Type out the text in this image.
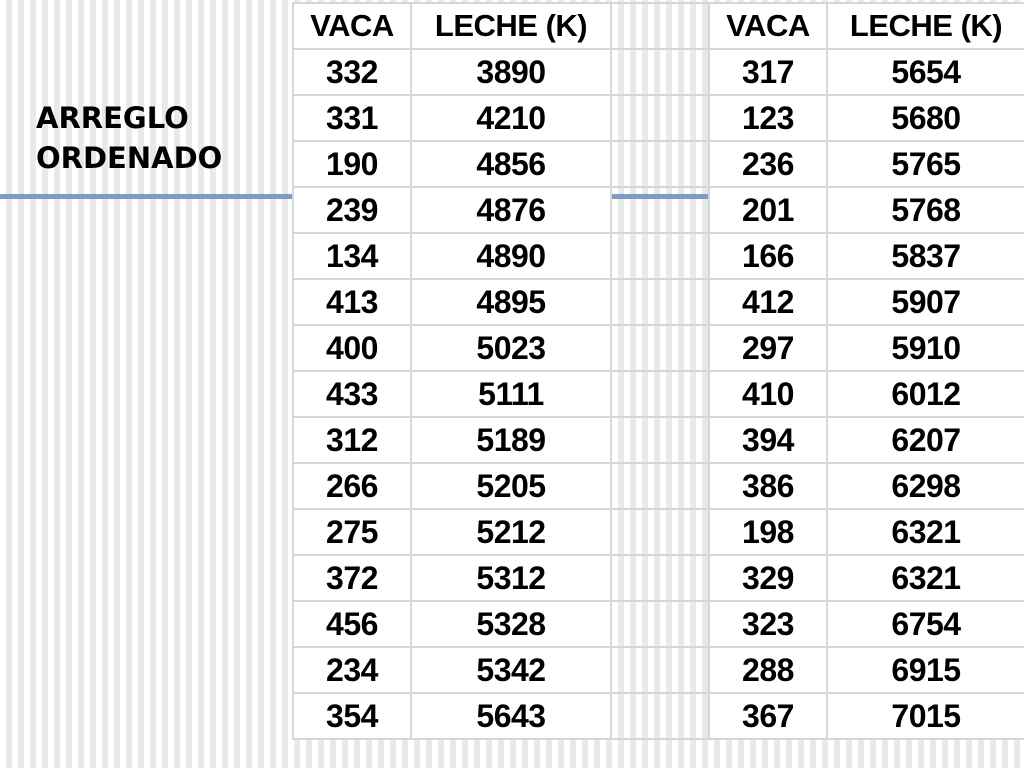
ARREGLO
ORDENADO
VACA	LECHE (K)		VACA	LECHE (K)
332	3890		317	5654
331	4210		123	5680
190	4856		236	5765
239	4876		201	5768
134	4890		166	5837
413	4895		412	5907
400	5023		297	5910
433	5111		410	6012
312	5189		394	6207
266	5205		386	6298
275	5212		198	6321
372	5312		329	6321
456	5328		323	6754
234	5342		288	6915
354	5643		367	7015
